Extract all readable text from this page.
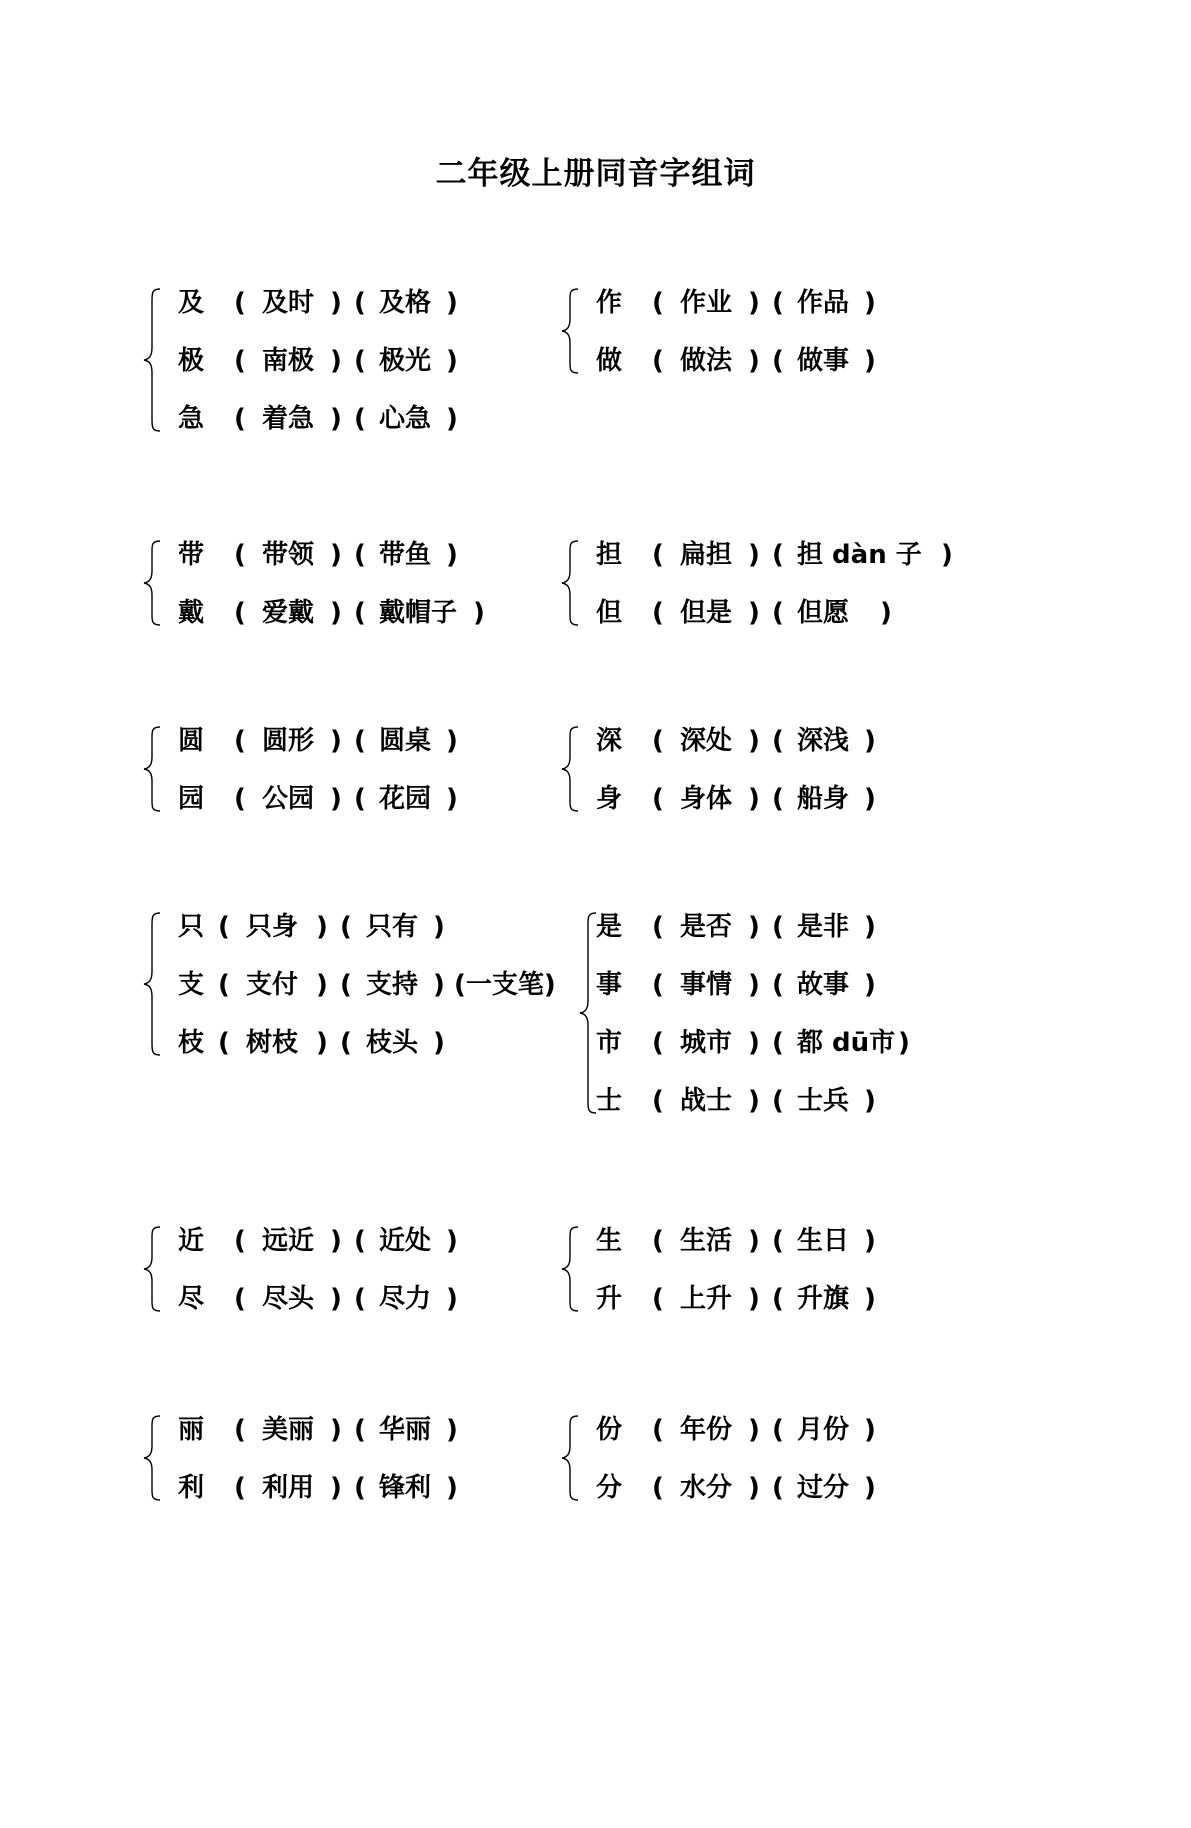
二年级上册同音字组词

及

(

及时

)

(

及格

)

极

(

南极

)

(

极光

)

急

(

着急

)

(

心急

)

作

(

作业

)

(

作品

)

做

(

做法

)

(

做事

)

带

(

带领

)

(

带鱼

)

戴

(

爱戴

)

(

戴帽子

)

担

(

扁担

)

(

担 dàn 子

)

但

(

但是

)

(

但愿

)

圆

(

圆形

)

(

圆桌

)

园

(

公园

)

(

花园

)

深

(

深处

)

(

深浅

)

身

(

身体

)

(

船身

)

只

(

只身

)

(

只有

)

支

(

支付

)

(

支持

)

(一支笔)

枝

(

树枝

)

(

枝头

)

是

(

是否

)

(

是非

)

事

(

事情

)

(

故事

)

市

(

城市

)

(

都 dū市

)

士

(

战士

)

(

士兵

)

近

(

远近

)

(

近处

)

尽

(

尽头

)

(

尽力

)

生

(

生活

)

(

生日

)

升

(

上升

)

(

升旗

)

丽

(

美丽

)

(

华丽

)

利

(

利用

)

(

锋利

)

份

(

年份

)

(

月份

)

分

(

水分

)

(

过分

)
